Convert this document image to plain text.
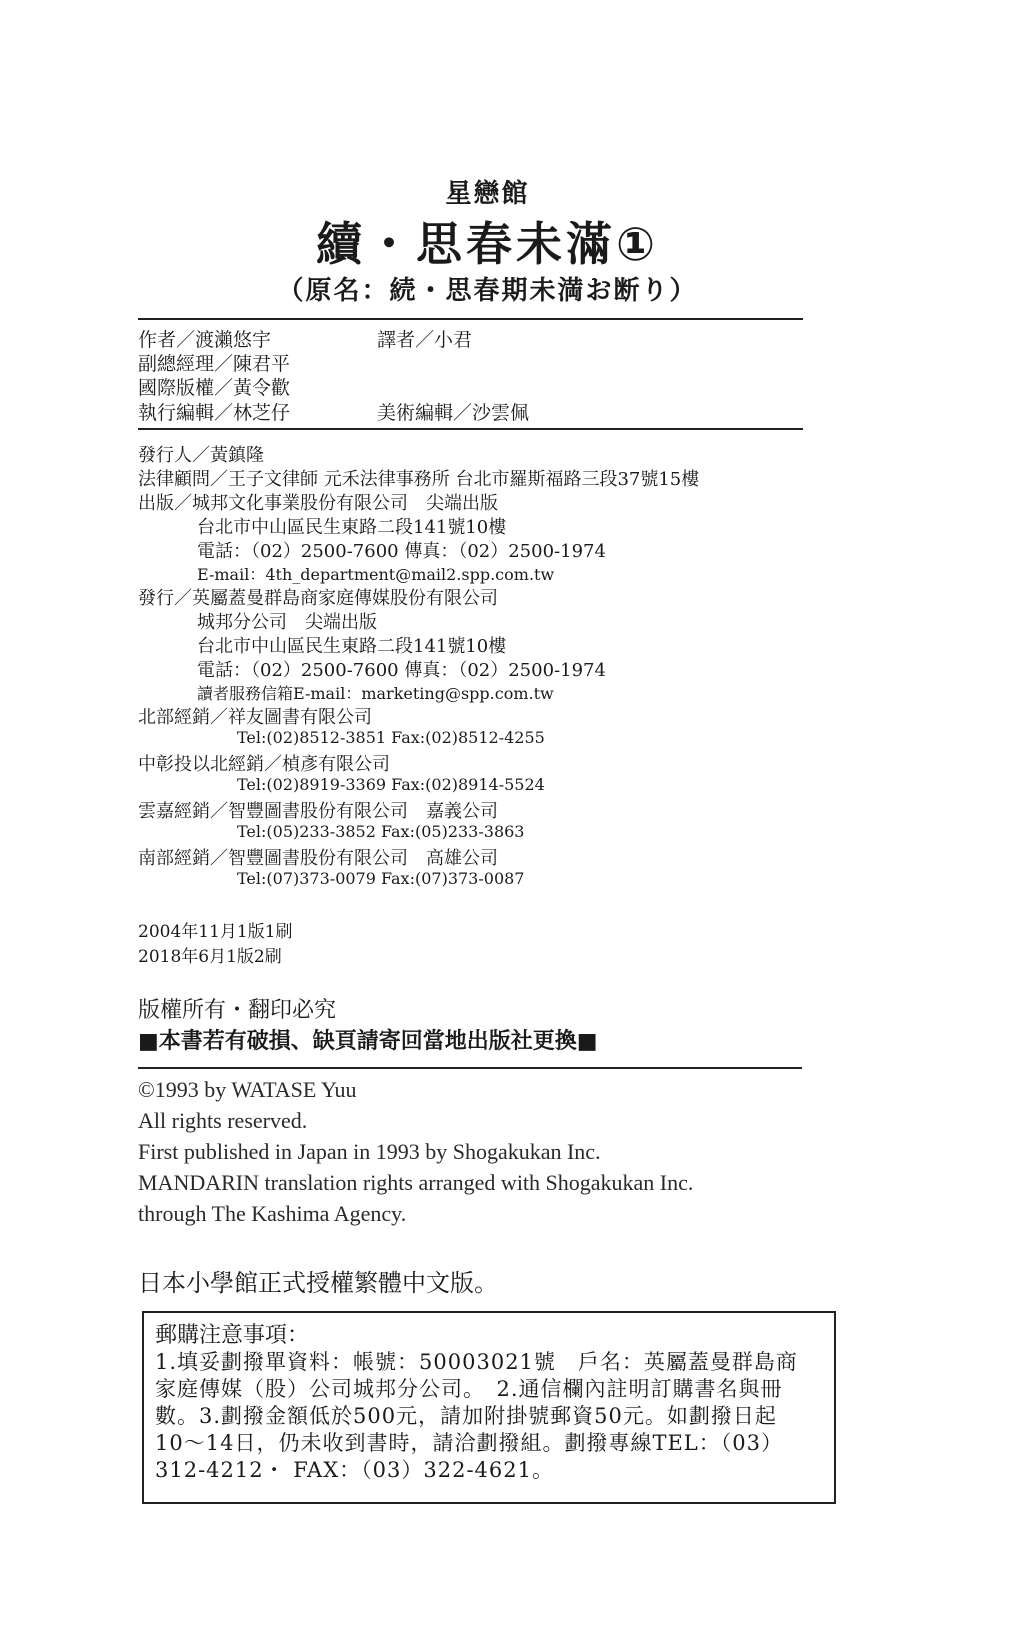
星戀館
續・思春未滿①
（原名：続・思春期未満お断り）
作者／渡瀨悠宇	譯者／小君
副總經理／陳君平
國際版權／黃令歡
執行編輯／林芝仔	美術編輯／沙雲佩
發行人／黃鎮隆
法律顧問／王子文律師 元禾法律事務所 台北市羅斯福路三段37號15樓
出版／城邦文化事業股份有限公司　尖端出版
台北市中山區民生東路二段141號10樓
電話：（02）2500-7600 傳真：（02）2500-1974
E-mail：4th_department@mail2.spp.com.tw
發行／英屬蓋曼群島商家庭傳媒股份有限公司
城邦分公司　尖端出版
台北市中山區民生東路二段141號10樓
電話：（02）2500-7600 傳真：（02）2500-1974
讀者服務信箱E-mail：marketing@spp.com.tw
北部經銷／祥友圖書有限公司
Tel:(02)8512-3851 Fax:(02)8512-4255
中彰投以北經銷／楨彥有限公司
Tel:(02)8919-3369 Fax:(02)8914-5524
雲嘉經銷／智豐圖書股份有限公司　嘉義公司
Tel:(05)233-3852 Fax:(05)233-3863
南部經銷／智豐圖書股份有限公司　高雄公司
Tel:(07)373-0079 Fax:(07)373-0087
2004年11月1版1刷
2018年6月1版2刷
版權所有・翻印必究
■本書若有破損、缺頁請寄回當地出版社更換■
©1993 by WATASE Yuu
All rights reserved.
First published in Japan in 1993 by Shogakukan Inc.
MANDARIN translation rights arranged with Shogakukan Inc.
through The Kashima Agency.
日本小學館正式授權繁體中文版。
郵購注意事項：
1.填妥劃撥單資料：帳號：50003021號　戶名：英屬蓋曼群島商
家庭傳媒（股）公司城邦分公司。　2.通信欄內註明訂購書名與冊
數。3.劃撥金額低於500元，請加附掛號郵資50元。如劃撥日起
10～14日，仍未收到書時，請洽劃撥組。劃撥專線TEL：（03）
312-4212・ FAX：（03）322-4621。
